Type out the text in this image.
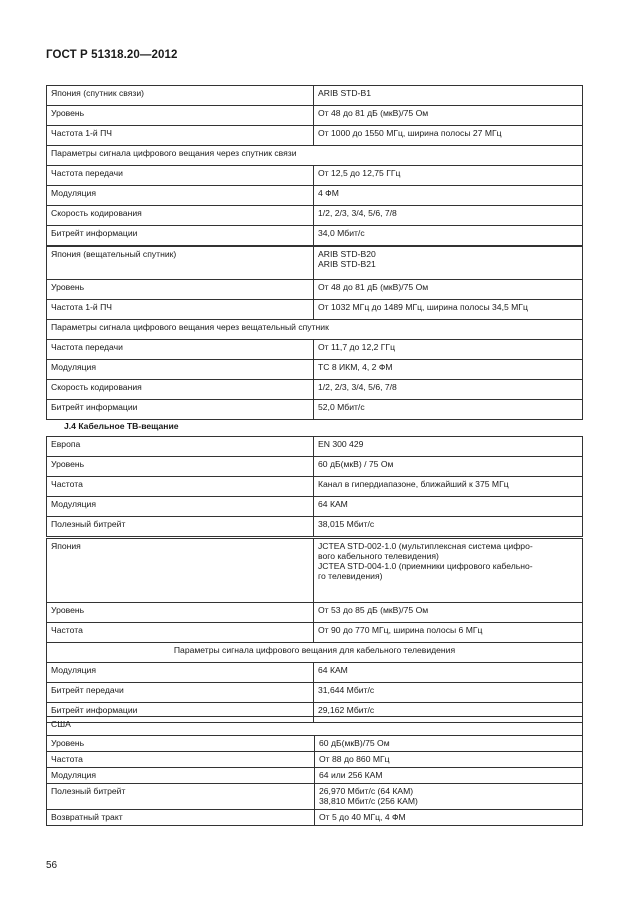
ГОСТ Р 51318.20—2012
Япония (спутник связи)	ARIB STD-B1
Уровень	От 48 до 81 дБ (мкВ)/75 Ом
Частота 1-й ПЧ	От 1000 до 1550 МГц, ширина полосы 27 МГц
Параметры сигнала цифрового вещания через спутник связи	
Частота передачи	От 12,5 до 12,75 ГГц
Модуляция	4 ФМ
Скорость кодирования	1/2, 2/3, 3/4, 5/6, 7/8
Битрейт информации	34,0 Мбит/с
Япония (вещательный спутник)	ARIB STD-B20
ARIB STD-B21
Уровень	От 48 до 81 дБ (мкВ)/75 Ом
Частота 1-й ПЧ	От 1032 МГц до 1489 МГц, ширина полосы 34,5 МГц
Параметры сигнала цифрового вещания через вещательный спутник	
Частота передачи	От 11,7 до 12,2 ГГц
Модуляция	ТС 8 ИКМ, 4, 2 ФМ
Скорость кодирования	1/2, 2/3, 3/4, 5/6, 7/8
Битрейт информации	52,0 Мбит/с
J.4 Кабельное ТВ-вещание
Европа	EN 300 429
Уровень	60 дБ(мкВ) / 75 Ом
Частота	Канал в гипердиапазоне, ближайший к 375 МГц
Модуляция	64 КАМ
Полезный битрейт	38,015 Мбит/с
Япония	JCTEA STD-002-1.0 (мультиплексная система цифро-
вого кабельного телевидения)
JCTEA STD-004-1.0 (приемники цифрового кабельно-
го телевидения)
Уровень	От 53 до 85 дБ (мкВ)/75 Ом
Частота	От 90 до 770 МГц, ширина полосы 6 МГц
Параметры сигнала цифрового вещания для кабельного телевидения	
Модуляция	64 КАМ
Битрейт передачи	31,644 Мбит/с
Битрейт информации	29,162 Мбит/с
США	
Уровень	60 дБ(мкВ)/75 Ом
Частота	От 88 до 860 МГц
Модуляция	64 или 256 КАМ
Полезный битрейт	26,970 Мбит/с (64 КАМ)
38,810 Мбит/с (256 КАМ)
Возвратный тракт	От 5 до 40 МГц, 4 ФМ
56
